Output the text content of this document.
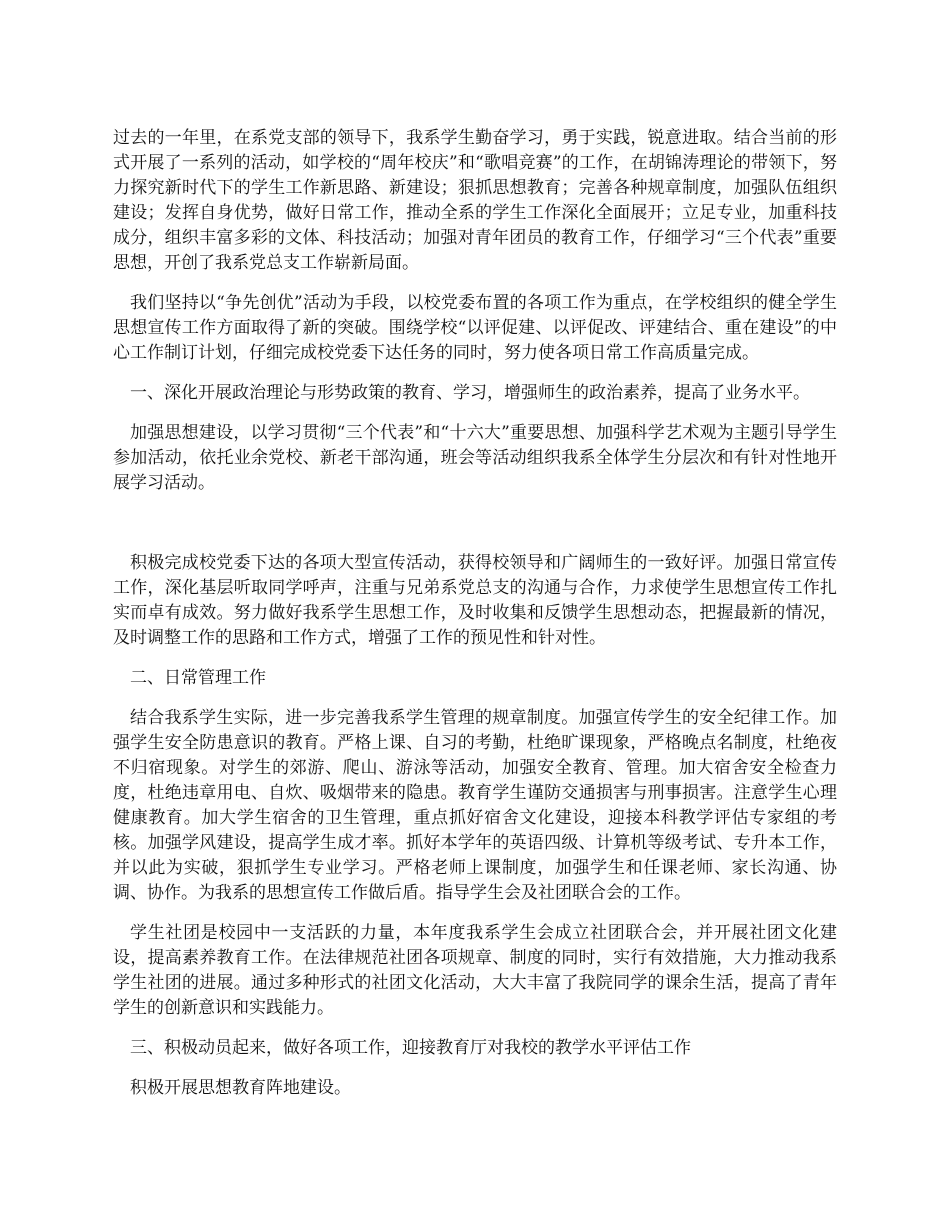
过去的一年里，在系党支部的领导下，我系学生勤奋学习，勇于实践，锐意进取。结合当前的形式开展了一系列的活动，如学校的“周年校庆”和“歌唱竞赛”的工作，在胡锦涛理论的带领下，努力探究新时代下的学生工作新思路、新建设；狠抓思想教育；完善各种规章制度，加强队伍组织建设；发挥自身优势，做好日常工作，推动全系的学生工作深化全面展开；立足专业，加重科技成分，组织丰富多彩的文体、科技活动；加强对青年团员的教育工作，仔细学习“三个代表”重要思想，开创了我系党总支工作崭新局面。

我们坚持以“争先创优”活动为手段，以校党委布置的各项工作为重点，在学校组织的健全学生思想宣传工作方面取得了新的突破。围绕学校“以评促建、以评促改、评建结合、重在建设”的中心工作制订计划，仔细完成校党委下达任务的同时，努力使各项日常工作高质量完成。

一、深化开展政治理论与形势政策的教育、学习，增强师生的政治素养，提高了业务水平。

加强思想建设，以学习贯彻“三个代表”和“十六大”重要思想、加强科学艺术观为主题引导学生参加活动，依托业余党校、新老干部沟通，班会等活动组织我系全体学生分层次和有针对性地开展学习活动。

积极完成校党委下达的各项大型宣传活动，获得校领导和广阔师生的一致好评。加强日常宣传工作，深化基层听取同学呼声，注重与兄弟系党总支的沟通与合作，力求使学生思想宣传工作扎实而卓有成效。努力做好我系学生思想工作，及时收集和反馈学生思想动态，把握最新的情况，及时调整工作的思路和工作方式，增强了工作的预见性和针对性。

二、日常管理工作

结合我系学生实际，进一步完善我系学生管理的规章制度。加强宣传学生的安全纪律工作。加强学生安全防患意识的教育。严格上课、自习的考勤，杜绝旷课现象，严格晚点名制度，杜绝夜不归宿现象。对学生的郊游、爬山、游泳等活动，加强安全教育、管理。加大宿舍安全检查力度，杜绝违章用电、自炊、吸烟带来的隐患。教育学生谨防交通损害与刑事损害。注意学生心理健康教育。加大学生宿舍的卫生管理，重点抓好宿舍文化建设，迎接本科教学评估专家组的考核。加强学风建设，提高学生成才率。抓好本学年的英语四级、计算机等级考试、专升本工作，并以此为实破，狠抓学生专业学习。严格老师上课制度，加强学生和任课老师、家长沟通、协调、协作。为我系的思想宣传工作做后盾。指导学生会及社团联合会的工作。

学生社团是校园中一支活跃的力量，本年度我系学生会成立社团联合会，并开展社团文化建设，提高素养教育工作。在法律规范社团各项规章、制度的同时，实行有效措施，大力推动我系学生社团的进展。通过多种形式的社团文化活动，大大丰富了我院同学的课余生活，提高了青年学生的创新意识和实践能力。

三、积极动员起来，做好各项工作，迎接教育厅对我校的教学水平评估工作

积极开展思想教育阵地建设。
